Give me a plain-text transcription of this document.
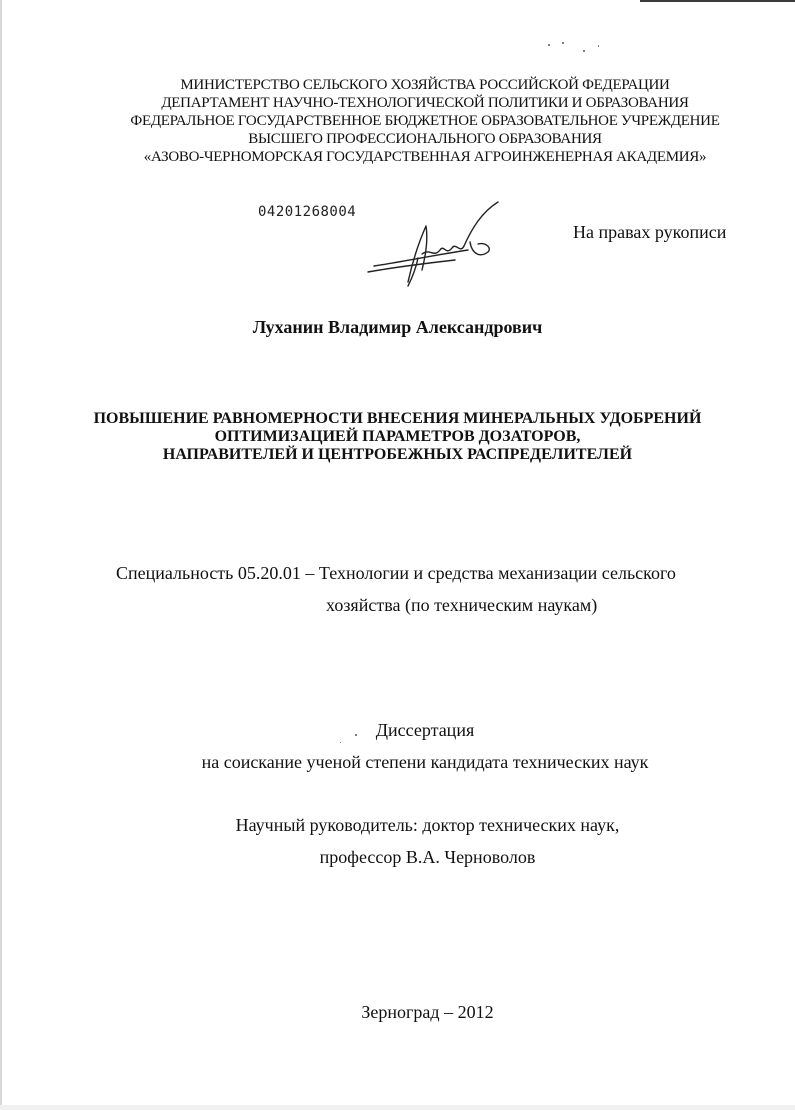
МИНИСТЕРСТВО СЕЛЬСКОГО ХОЗЯЙСТВА РОССИЙСКОЙ ФЕДЕРАЦИИ
ДЕПАРТАМЕНТ НАУЧНО-ТЕХНОЛОГИЧЕСКОЙ ПОЛИТИКИ И ОБРАЗОВАНИЯ
ФЕДЕРАЛЬНОЕ ГОСУДАРСТВЕННОЕ БЮДЖЕТНОЕ ОБРАЗОВАТЕЛЬНОЕ УЧРЕЖДЕНИЕ
ВЫСШЕГО ПРОФЕССИОНАЛЬНОГО ОБРАЗОВАНИЯ
«АЗОВО-ЧЕРНОМОРСКАЯ ГОСУДАРСТВЕННАЯ АГРОИНЖЕНЕРНАЯ АКАДЕМИЯ»
04201268004
На правах рукописи
Луханин Владимир Александрович
ПОВЫШЕНИЕ РАВНОМЕРНОСТИ ВНЕСЕНИЯ МИНЕРАЛЬНЫХ УДОБРЕНИЙ
ОПТИМИЗАЦИЕЙ ПАРАМЕТРОВ ДОЗАТОРОВ,
НАПРАВИТЕЛЕЙ И ЦЕНТРОБЕЖНЫХ РАСПРЕДЕЛИТЕЛЕЙ
Специальность 05.20.01 – Технологии и средства механизации сельского
хозяйства (по техническим наукам)
Диссертация
на соискание ученой степени кандидата технических наук
Научный руководитель: доктор технических наук,
профессор В.А. Черноволов
Зерноград – 2012
